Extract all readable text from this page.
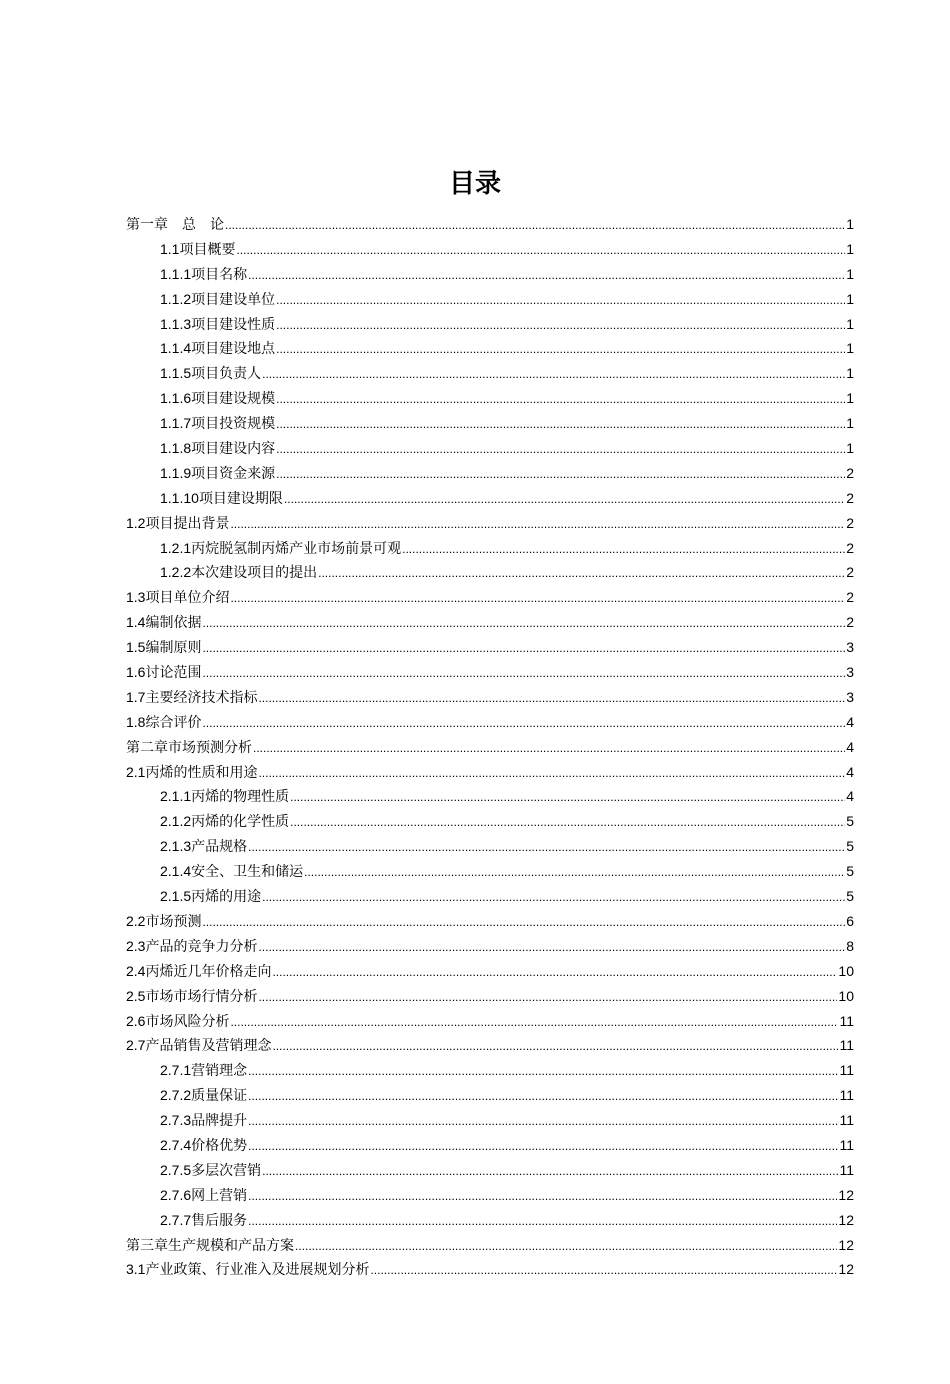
目录
第一章 　总　论 .....	1
1.1 项目概要 .....	1
1.1.1 项目名称 .....	1
1.1.2 项目建设单位 .....	1
1.1.3 项目建设性质 .....	1
1.1.4 项目建设地点 .....	1
1.1.5 项目负责人 .....	1
1.1.6 项目建设规模 .....	1
1.1.7 项目投资规模 .....	1
1.1.8 项目建设内容 .....	1
1.1.9 项目资金来源 .....	2
1.1.10 项目建设期限 .....	2
1.2 项目提出背景 .....	2
1.2.1 丙烷脱氢制丙烯产业市场前景可观 .....	2
1.2.2 本次建设项目的提出 .....	2
1.3 项目单位介绍 .....	2
1.4 编制依据 .....	2
1.5 编制原则 .....	3
1.6 讨论范围 .....	3
1.7 主要经济技术指标 .....	3
1.8 综合评价 .....	4
第二章 市场预测分析 .....	4
2.1 丙烯的性质和用途 .....	4
2.1.1 丙烯的物理性质 .....	4
2.1.2 丙烯的化学性质 .....	5
2.1.3 产品规格 .....	5
2.1.4 安全、卫生和储运 .....	5
2.1.5 丙烯的用途 .....	5
2.2 市场预测 .....	6
2.3 产品的竞争力分析 .....	8
2.4 丙烯近几年价格走向 .....	10
2.5 市场市场行情分析 .....	10
2.6 市场风险分析 .....	11
2.7 产品销售及营销理念 .....	11
2.7.1 营销理念 .....	11
2.7.2 质量保证 .....	11
2.7.3 品牌提升 .....	11
2.7.4 价格优势 .....	11
2.7.5 多层次营销 .....	11
2.7.6 网上营销 .....	12
2.7.7 售后服务 .....	12
第三章 生产规模和产品方案 .....	12
3.1 产业政策、行业准入及进展规划分析 .....	12
